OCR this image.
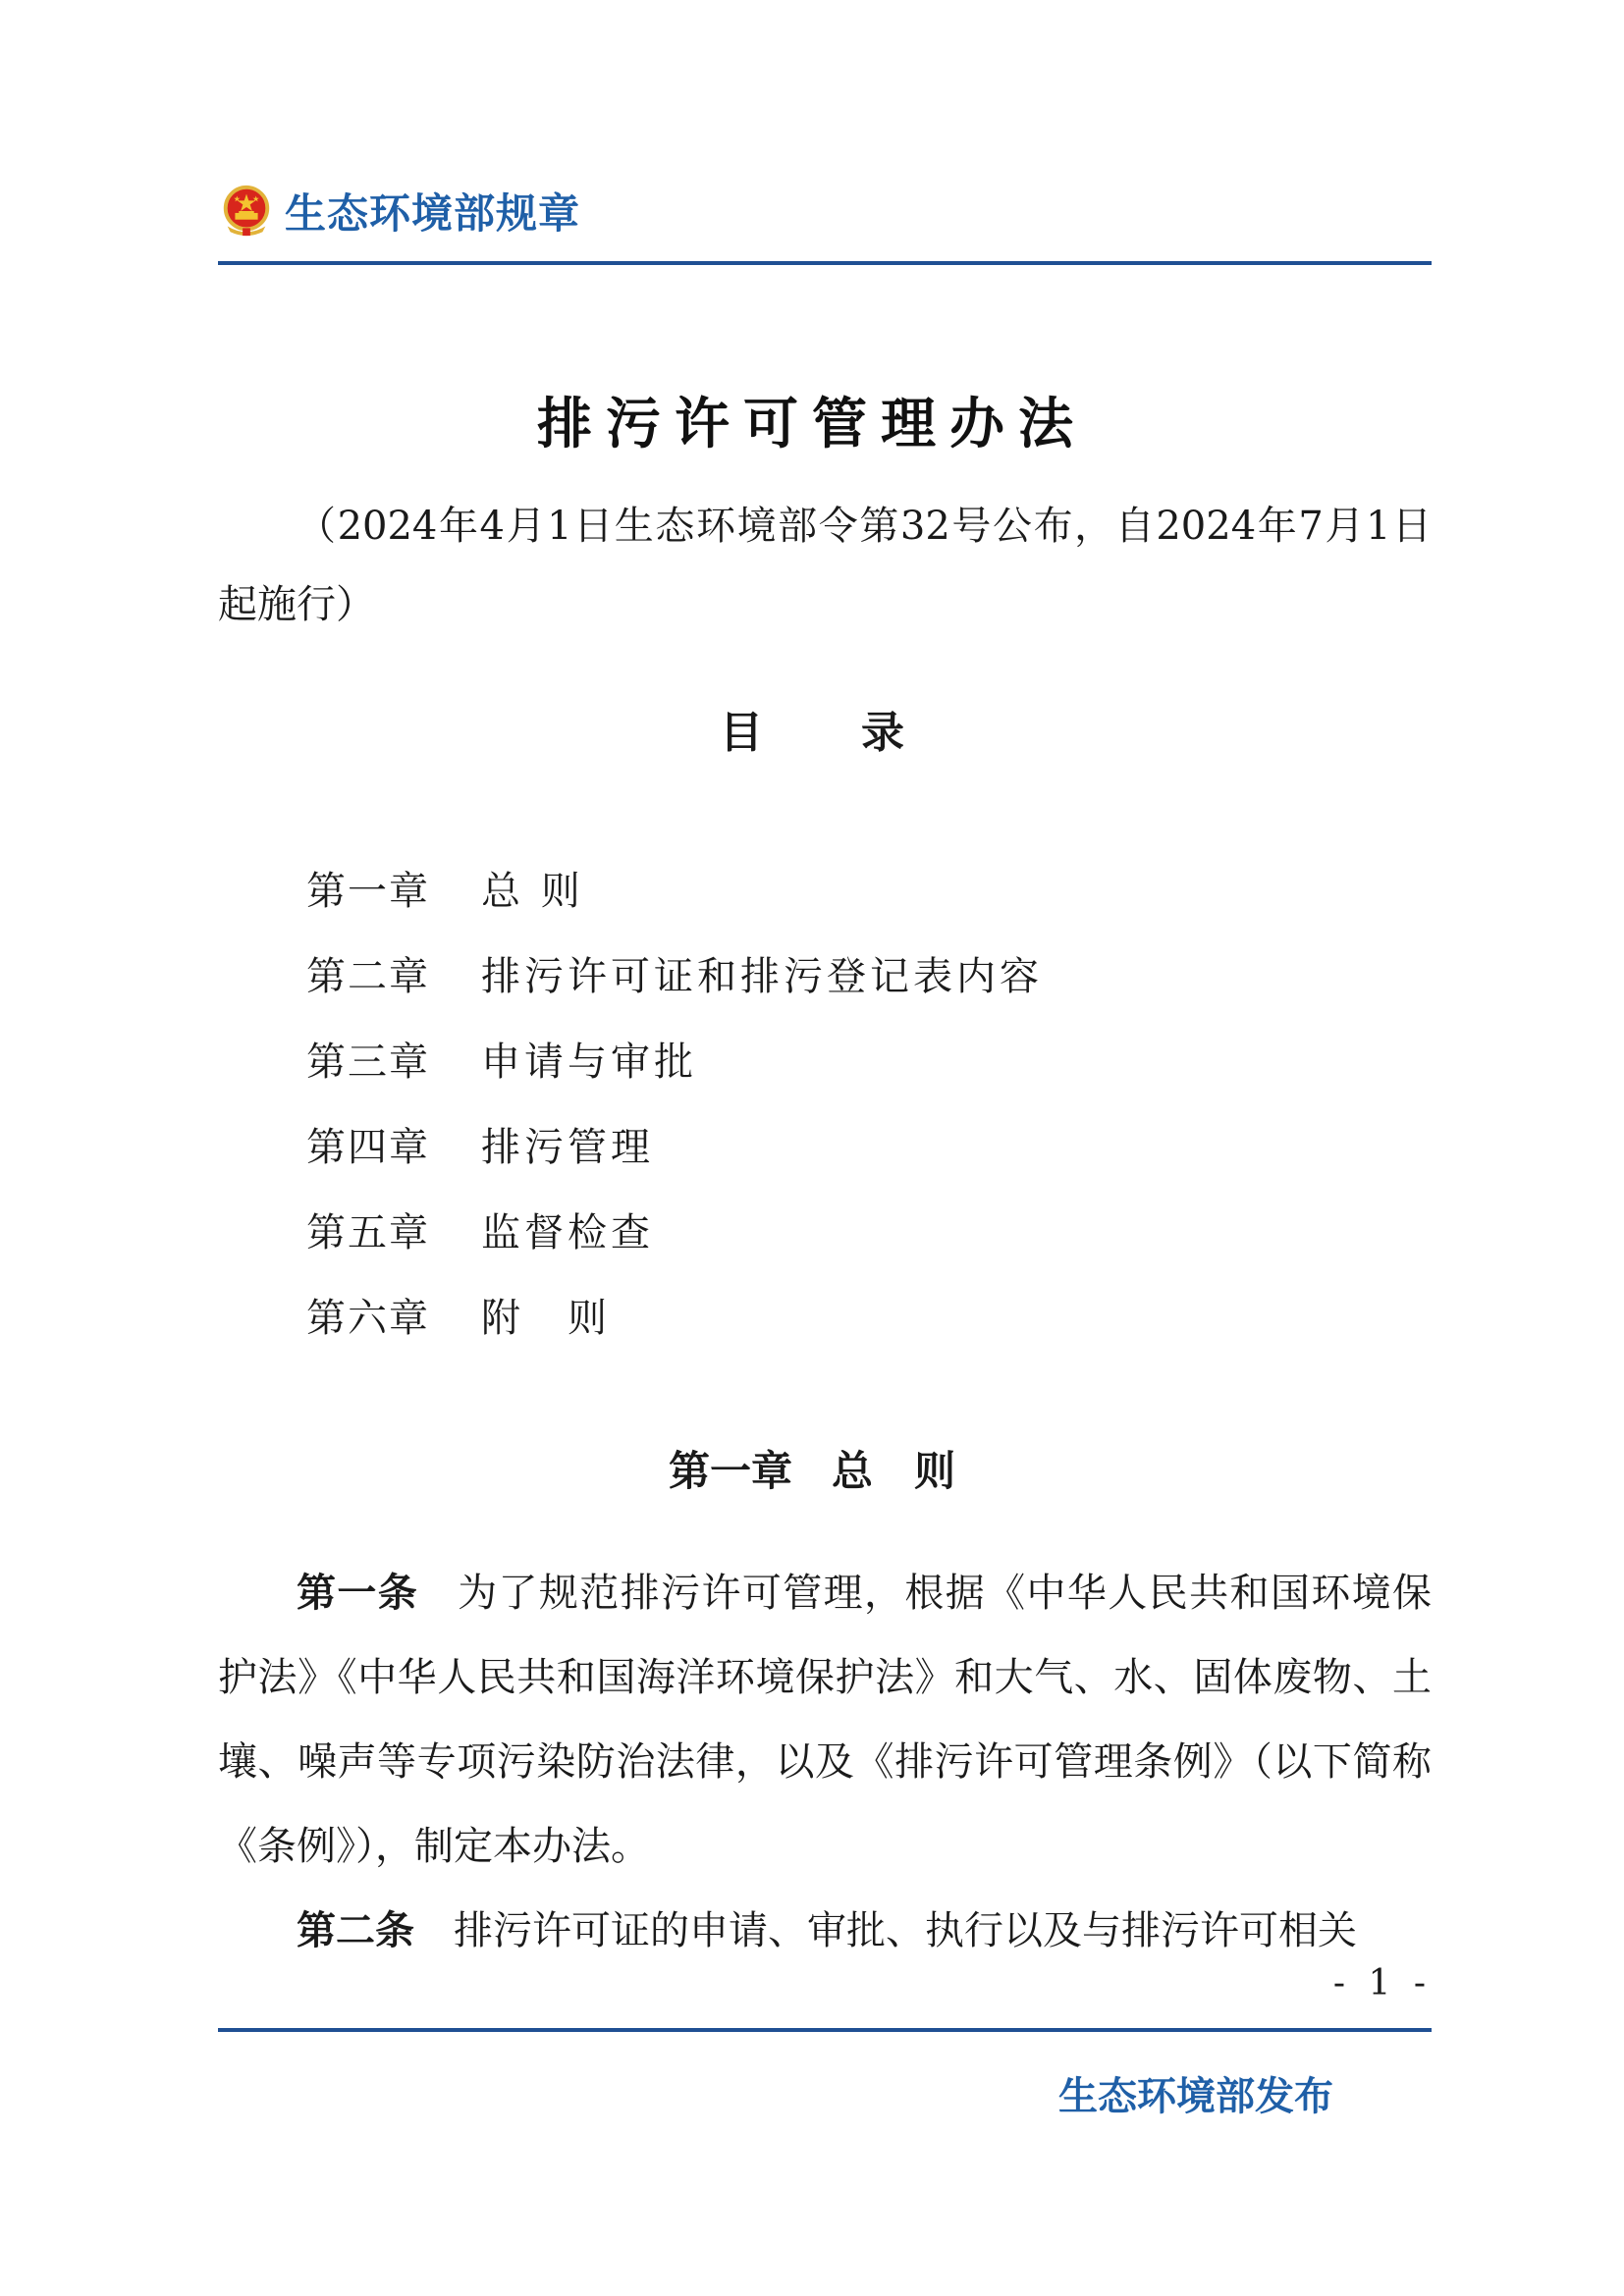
生态环境部规章
排污许可管理办法

（2024年4月1日生态环境部令第32号公布，自2024年7月1日起施行）

目 录
第一章	总 则
第二章	排污许可证和排污登记表内容
第三章	申请与审批
第四章	排污管理
第五章	监督检查
第六章	附　则
第一章 总　则

第一条 为了规范排污许可管理，根据《中华人民共和国环境保护法》《中华人民共和国海洋环境保护法》和大气、水、固体废物、土壤、噪声等专项污染防治法律，以及《排污许可管理条例》（以下简称《条例》），制定本办法。

第二条 排污许可证的申请、审批、执行以及与排污许可相关

- 1 -
生态环境部发布
